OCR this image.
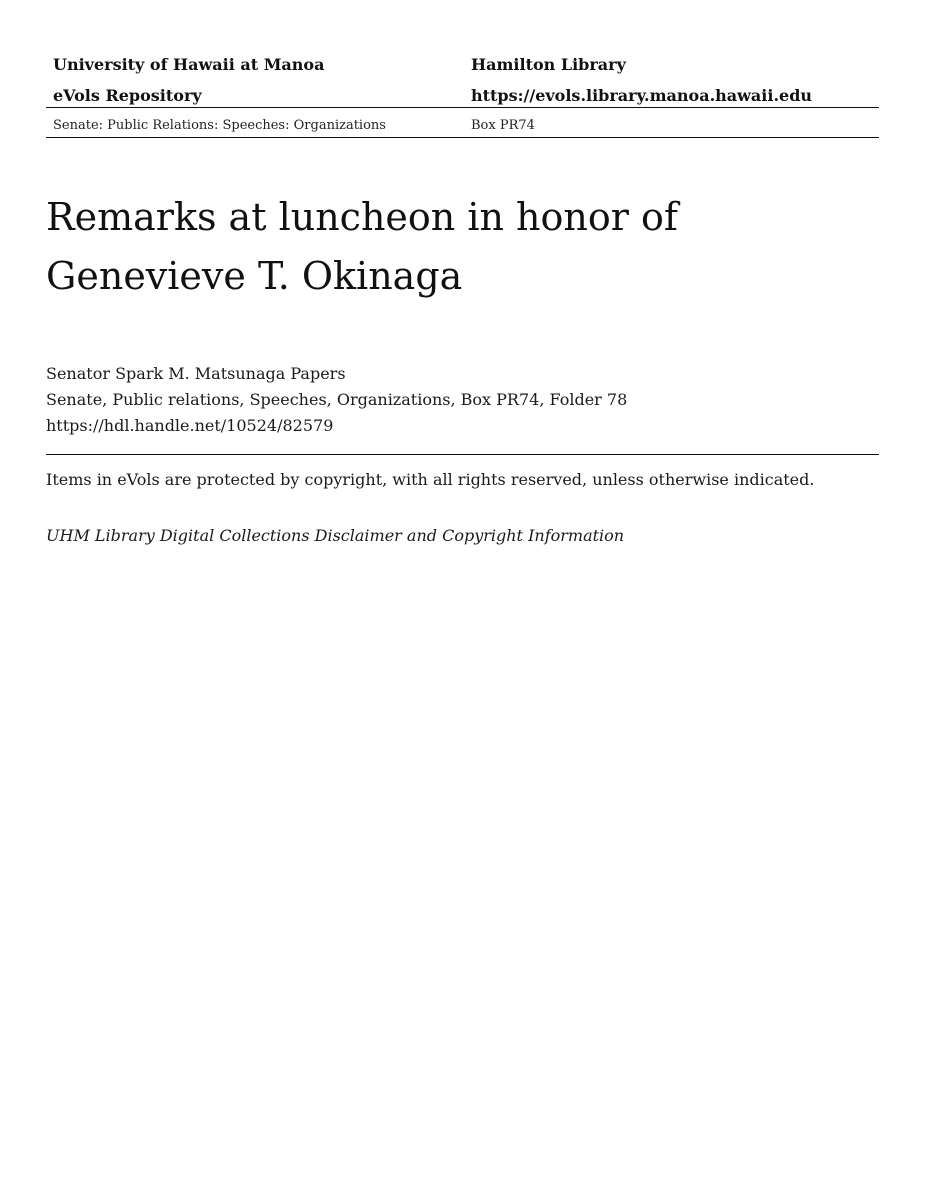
University of Hawaii at Manoa	Hamilton Library
eVols Repository	https://evols.library.manoa.hawaii.edu
Senate: Public Relations: Speeches: Organizations	Box PR74
Remarks at luncheon in honor of
Genevieve T. Okinaga
Senator Spark M. Matsunaga Papers
Senate, Public relations, Speeches, Organizations, Box PR74, Folder 78
https://hdl.handle.net/10524/82579
Items in eVols are protected by copyright, with all rights reserved, unless otherwise indicated.
UHM Library Digital Collections Disclaimer and Copyright Information
